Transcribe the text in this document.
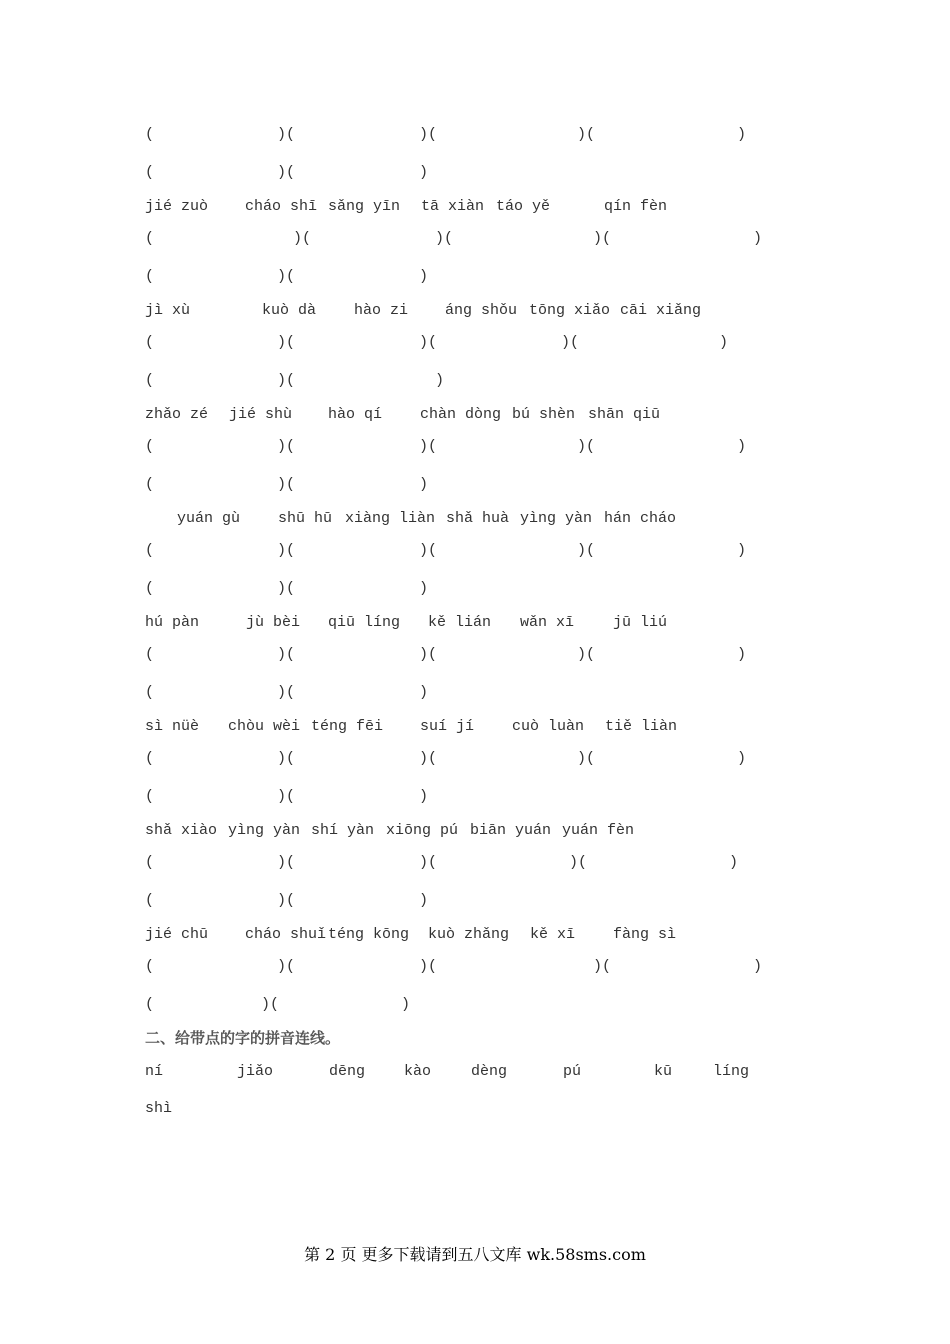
(	)(	)(	)(	)
(	)(	)
jié zuò cháo shī sǎng yīn tā xiàn táo yě	qín fèn
(	)(	)(	)(	)
(	)(	)
jì xù	kuò dà	hào zi áng shǒu tōng xiǎo cāi xiǎng
(	)(	)(	)(	)
(	)(	)
zhǎo zé jié shù hào qí	chàn dòng bú shèn shān qiū
(	)(	)(	)(	)
(	)(	)
yuán gù	shū hū xiàng liàn shǎ huà yìng yàn hán cháo
(	)(	)(	)(	)
(	)(	)
hú pàn	jù bèi qiū líng kě lián wǎn xī	jū liú
(	)(	)(	)(	)
(	)(	)
sì nüè chòu wèi téng fēi suí jí	cuò luàn tiě liàn
(	)(	)(	)(	)
(	)(	)
shǎ xiào yìng yàn shí yàn xiōng pú biān yuán yuán fèn
(	)(	)(	)(	)
(	)(	)
jié chū cháo shuǐ téng kōng kuò zhǎng kě xī	fàng sì
(	)(	)(	)(	)
(	)(	)
二、给带点的字的拼音连线。
ní	jiǎo	dēng	kào	dèng	pú	kū	líng
shì
第 2 页 更多下载请到五八文库 wk.58sms.com
